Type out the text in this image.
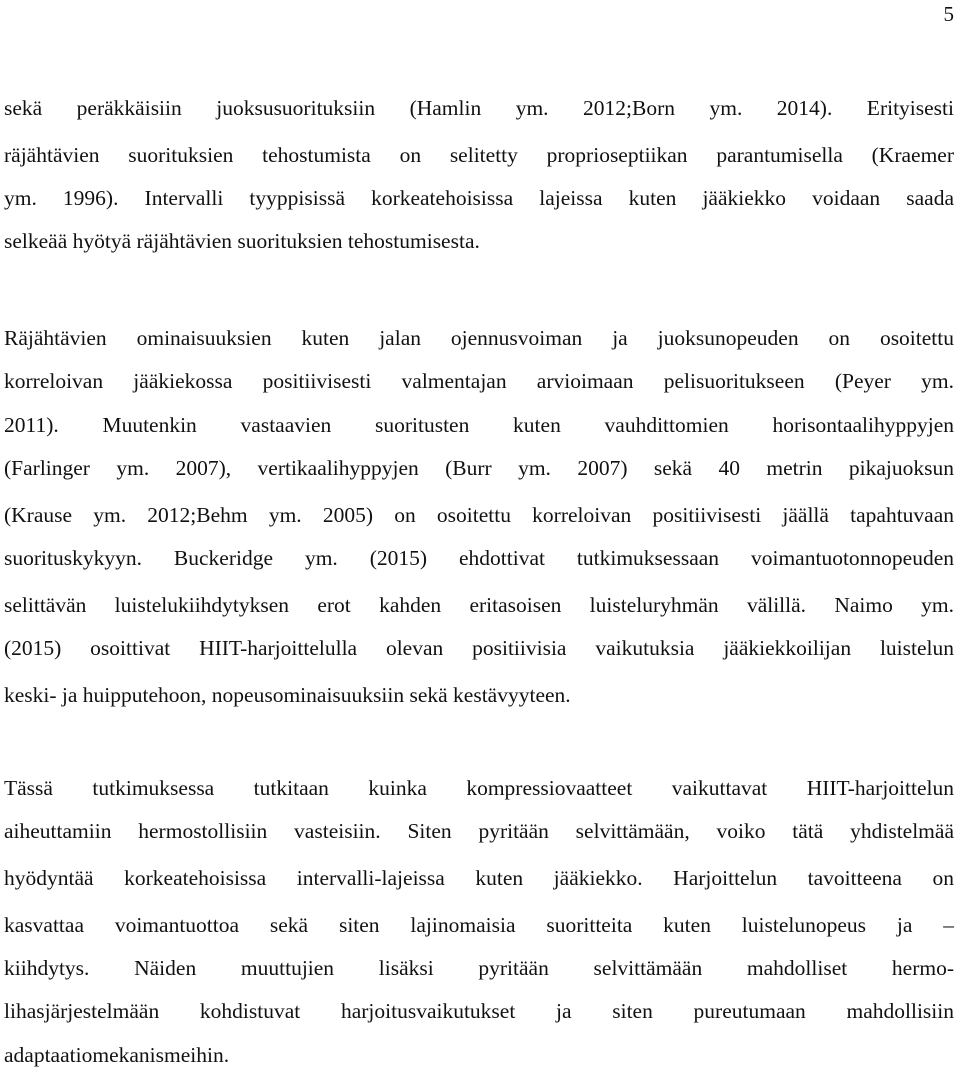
5
sekä peräkkäisiin juoksusuorituksiin (Hamlin ym. 2012;Born ym. 2014). Erityisesti
räjähtävien suorituksien tehostumista on selitetty proprioseptiikan parantumisella (Kraemer
ym. 1996). Intervalli tyyppisissä korkeatehoisissa lajeissa kuten jääkiekko voidaan saada
selkeää hyötyä räjähtävien suorituksien tehostumisesta.
Räjähtävien ominaisuuksien kuten jalan ojennusvoiman ja juoksunopeuden on osoitettu
korreloivan jääkiekossa positiivisesti valmentajan arvioimaan pelisuoritukseen (Peyer ym.
2011). Muutenkin vastaavien suoritusten kuten vauhdittomien horisontaalihyppyjen
(Farlinger ym. 2007), vertikaalihyppyjen (Burr ym. 2007) sekä 40 metrin pikajuoksun
(Krause ym. 2012;Behm ym. 2005) on osoitettu korreloivan positiivisesti jäällä tapahtuvaan
suorituskykyyn. Buckeridge ym. (2015) ehdottivat tutkimuksessaan voimantuotonnopeuden
selittävän luistelukiihdytyksen erot kahden eritasoisen luisteluryhmän välillä. Naimo ym.
(2015) osoittivat HIIT-harjoittelulla olevan positiivisia vaikutuksia jääkiekkoilijan luistelun
keski- ja huipputehoon, nopeusominaisuuksiin sekä kestävyyteen.
Tässä tutkimuksessa tutkitaan kuinka kompressiovaatteet vaikuttavat HIIT-harjoittelun
aiheuttamiin hermostollisiin vasteisiin. Siten pyritään selvittämään, voiko tätä yhdistelmää
hyödyntää korkeatehoisissa intervalli-lajeissa kuten jääkiekko. Harjoittelun tavoitteena on
kasvattaa voimantuottoa sekä siten lajinomaisia suoritteita kuten luistelunopeus ja –
kiihdytys. Näiden muuttujien lisäksi pyritään selvittämään mahdolliset hermo-
lihasjärjestelmään kohdistuvat harjoitusvaikutukset ja siten pureutumaan mahdollisiin
adaptaatiomekanismeihin.
